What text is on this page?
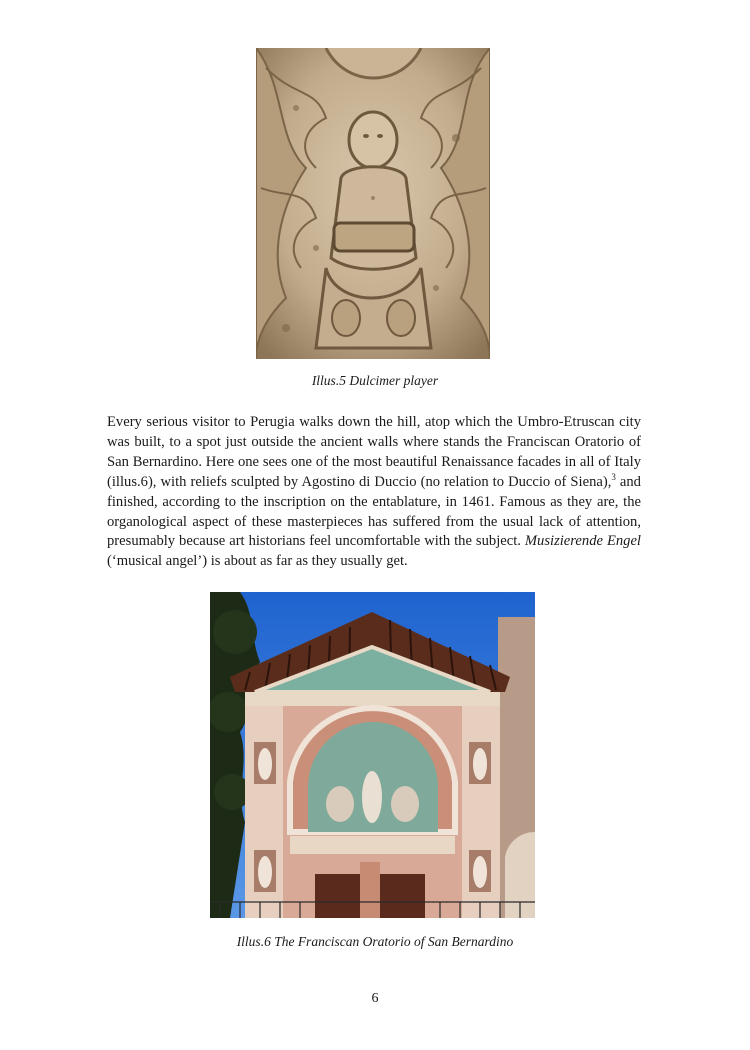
Illus.5 Dulcimer player

Every serious visitor to Perugia walks down the hill, atop which the Umbro-Etruscan city was built, to a spot just outside the ancient walls where stands the Franciscan Oratorio of San Bernardino. Here one sees one of the most beautiful Renaissance facades in all of Italy (illus.6), with reliefs sculpted by Agostino di Duccio (no relation to Duccio of Siena),$^3$ and finished, according to the inscription on the entablature, in 1461. Famous as they are, the organological aspect of these masterpieces has suffered from the usual lack of attention, presumably because art historians feel uncomfortable with the subject. Musizierende Engel (‘musical angel’) is about as far as they usually get.

Illus.6 The Franciscan Oratorio of San Bernardino
6
